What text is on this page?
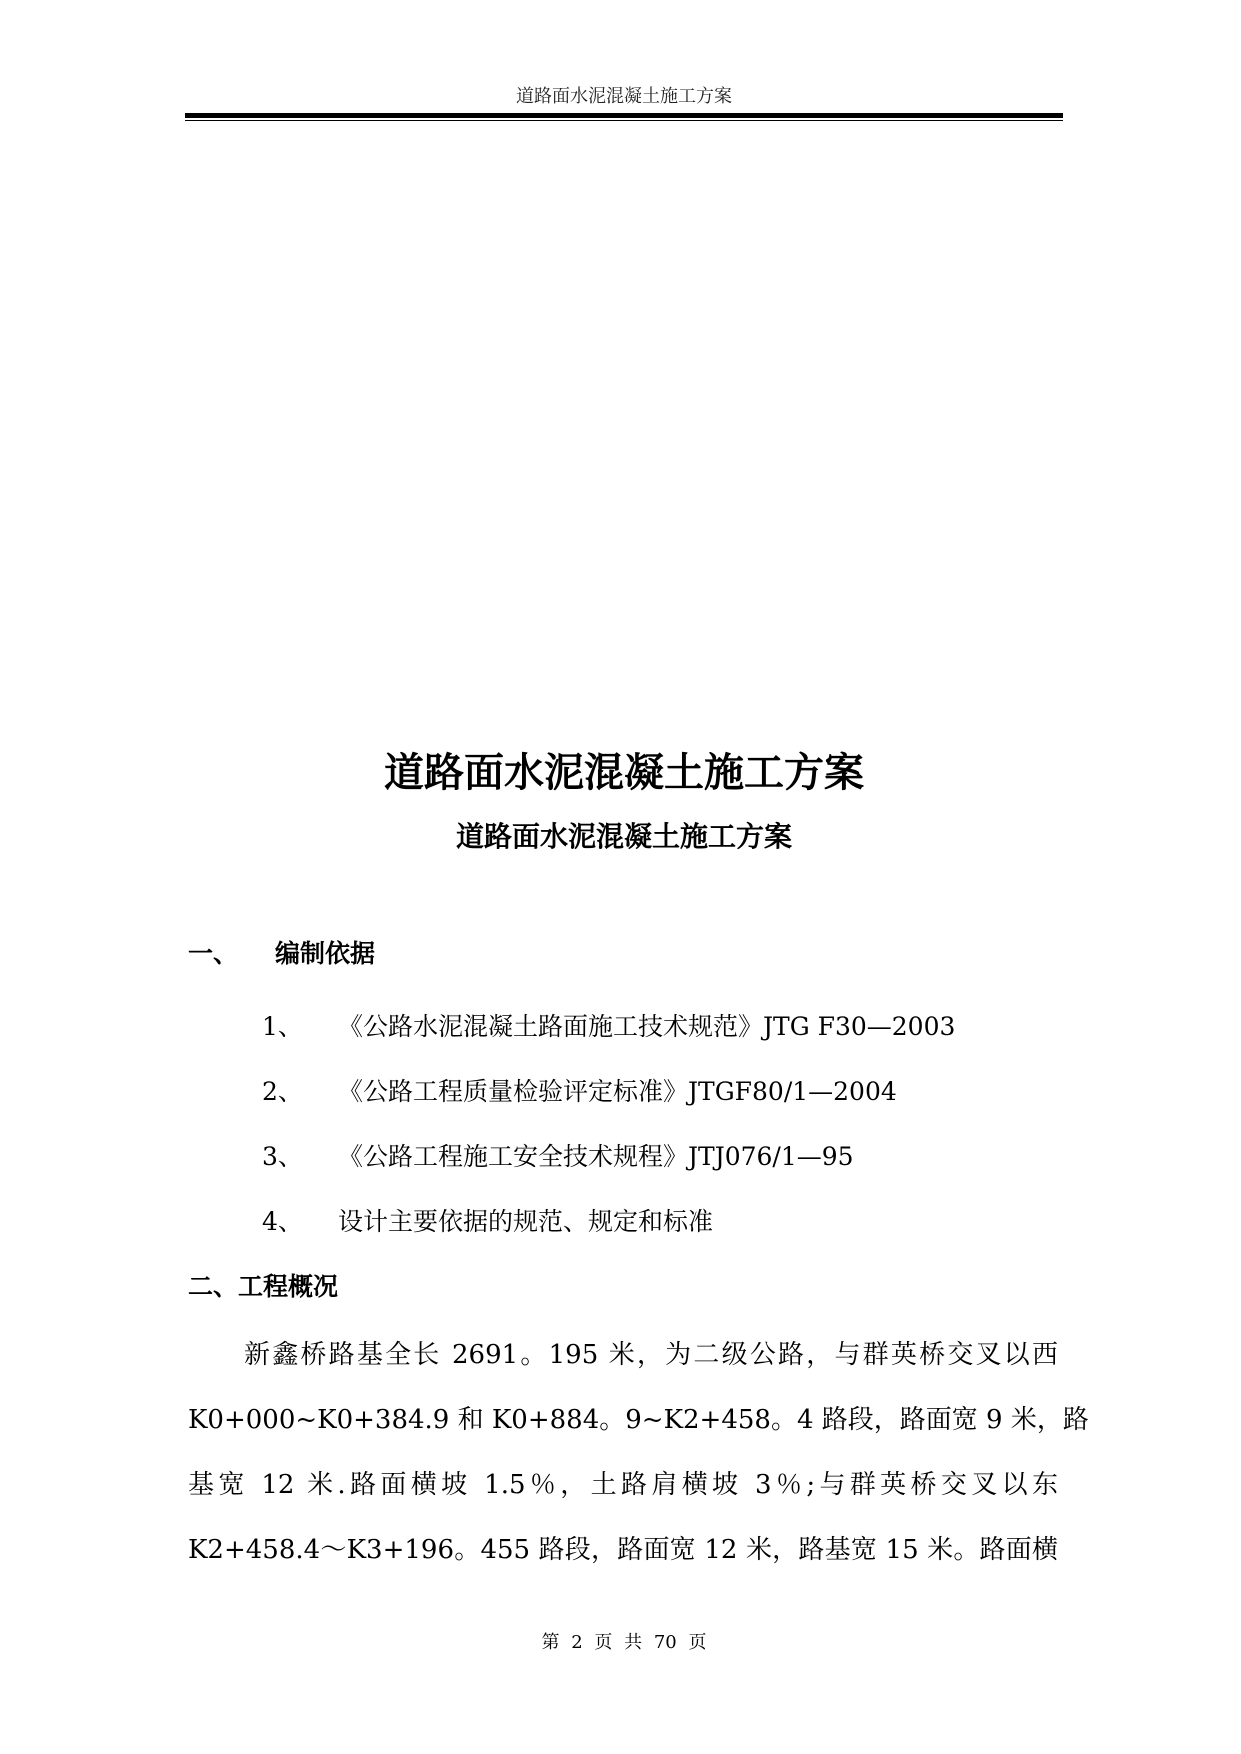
道路面水泥混凝土施工方案
道路面水泥混凝土施工方案
道路面水泥混凝土施工方案
一、 编制依据
1、 《公路水泥混凝土路面施工技术规范》JTG F30—2003
2、 《公路工程质量检验评定标准》JTGF80/1—2004
3、 《公路工程施工安全技术规程》JTJ076/1—95
4、 设计主要依据的规范、规定和标准
二、工程概况
新鑫桥路基全长 2691。195 米，为二级公路，与群英桥交叉以西
K0+000~K0+384.9 和 K0+884。9~K2+458。4 路段，路面宽 9 米，路
基宽 12 米.路面横坡 1.5％，土路肩横坡 3％;与群英桥交叉以东
K2+458.4～K3+196。455 路段，路面宽 12 米，路基宽 15 米。路面横
第 2 页 共 70 页
